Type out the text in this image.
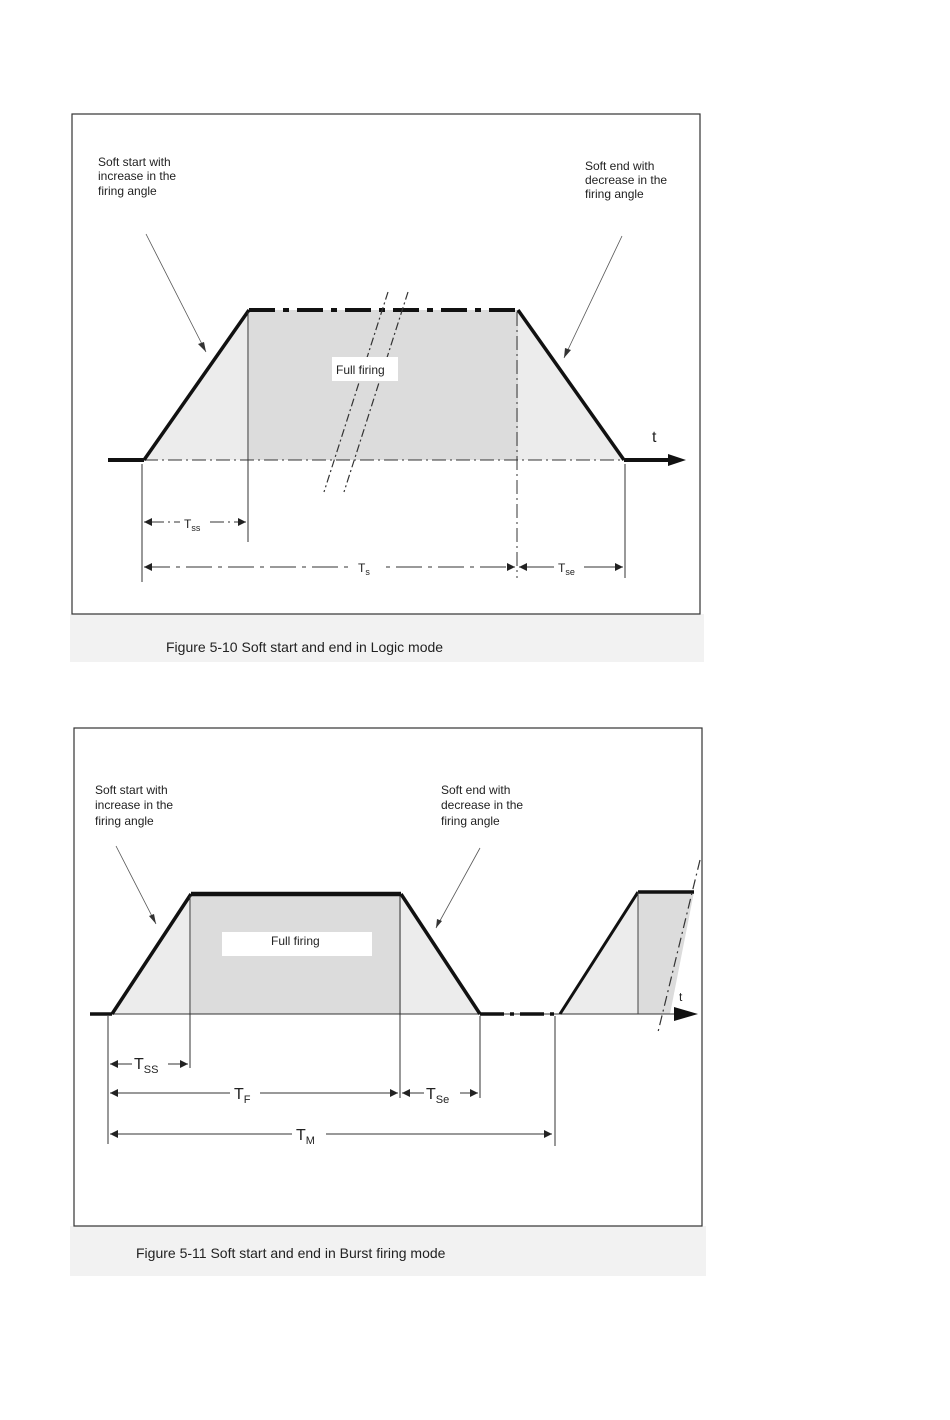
Full firing
Soft start with
increase in the
firing angle
Soft end with
decrease in the
firing angle
t
Tss
Ts	Tse
Figure 5-10 Soft start and end in Logic mode
Full firing
Soft start with
increase in the
firing angle
Soft end with
decrease in the
firing angle
t
$T_{SS}$
$T_F$	$T_{Se}$
$T_M$
Figure 5-11 Soft start and end in Burst firing mode
